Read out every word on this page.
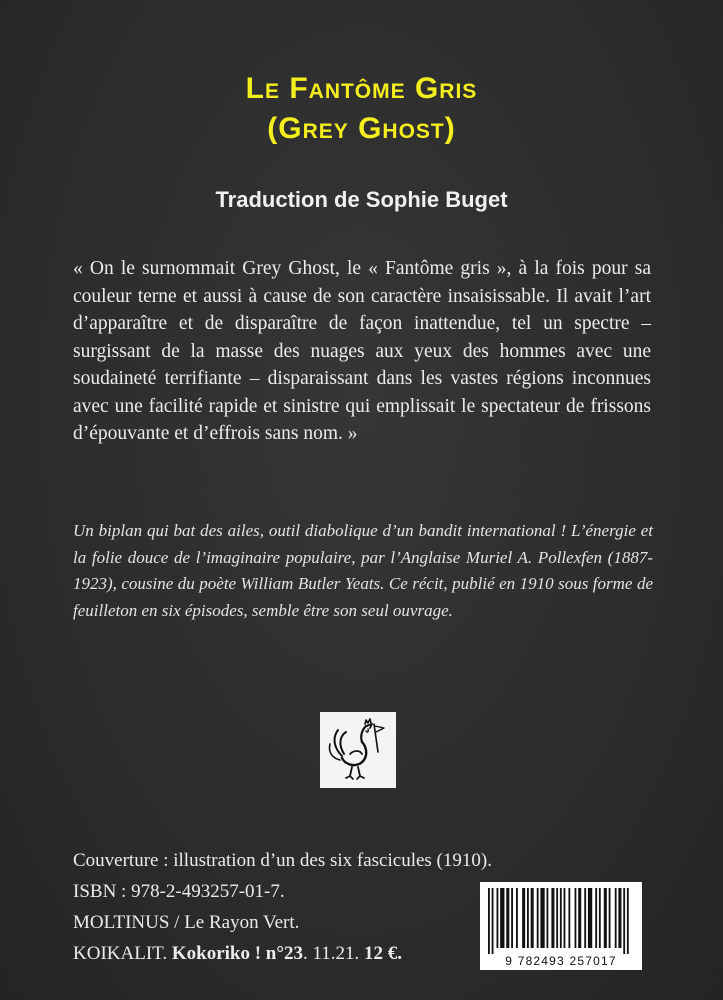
Le Fantôme Gris
(Grey Ghost)
Traduction de Sophie Buget

« On le surnommait Grey Ghost, le « Fantôme gris », à la fois pour sa couleur terne et aussi à cause de son caractère insaisissable. Il avait l’art d’apparaître et de disparaître de façon inattendue, tel un spectre – surgissant de la masse des nuages aux yeux des hommes avec une soudaineté terrifiante – disparaissant dans les vastes régions inconnues avec une facilité rapide et sinistre qui emplissait le spectateur de frissons d’épouvante et d’effrois sans nom. »

Un biplan qui bat des ailes, outil diabolique d’un bandit international ! L’énergie et la folie douce de l’imaginaire populaire, par l’Anglaise Muriel A. Pollexfen (1887-1923), cousine du poète William Butler Yeats. Ce récit, publié en 1910 sous forme de feuilleton en six épisodes, semble être son seul ouvrage.

Couverture : illustration d’un des six fascicules (1910).
ISBN : 978-2-493257-01-7.
MOLTINUS / Le Rayon Vert.
KOIKALIT. Kokoriko ! n°23. 11.21. 12 €.	9 782493 257017
